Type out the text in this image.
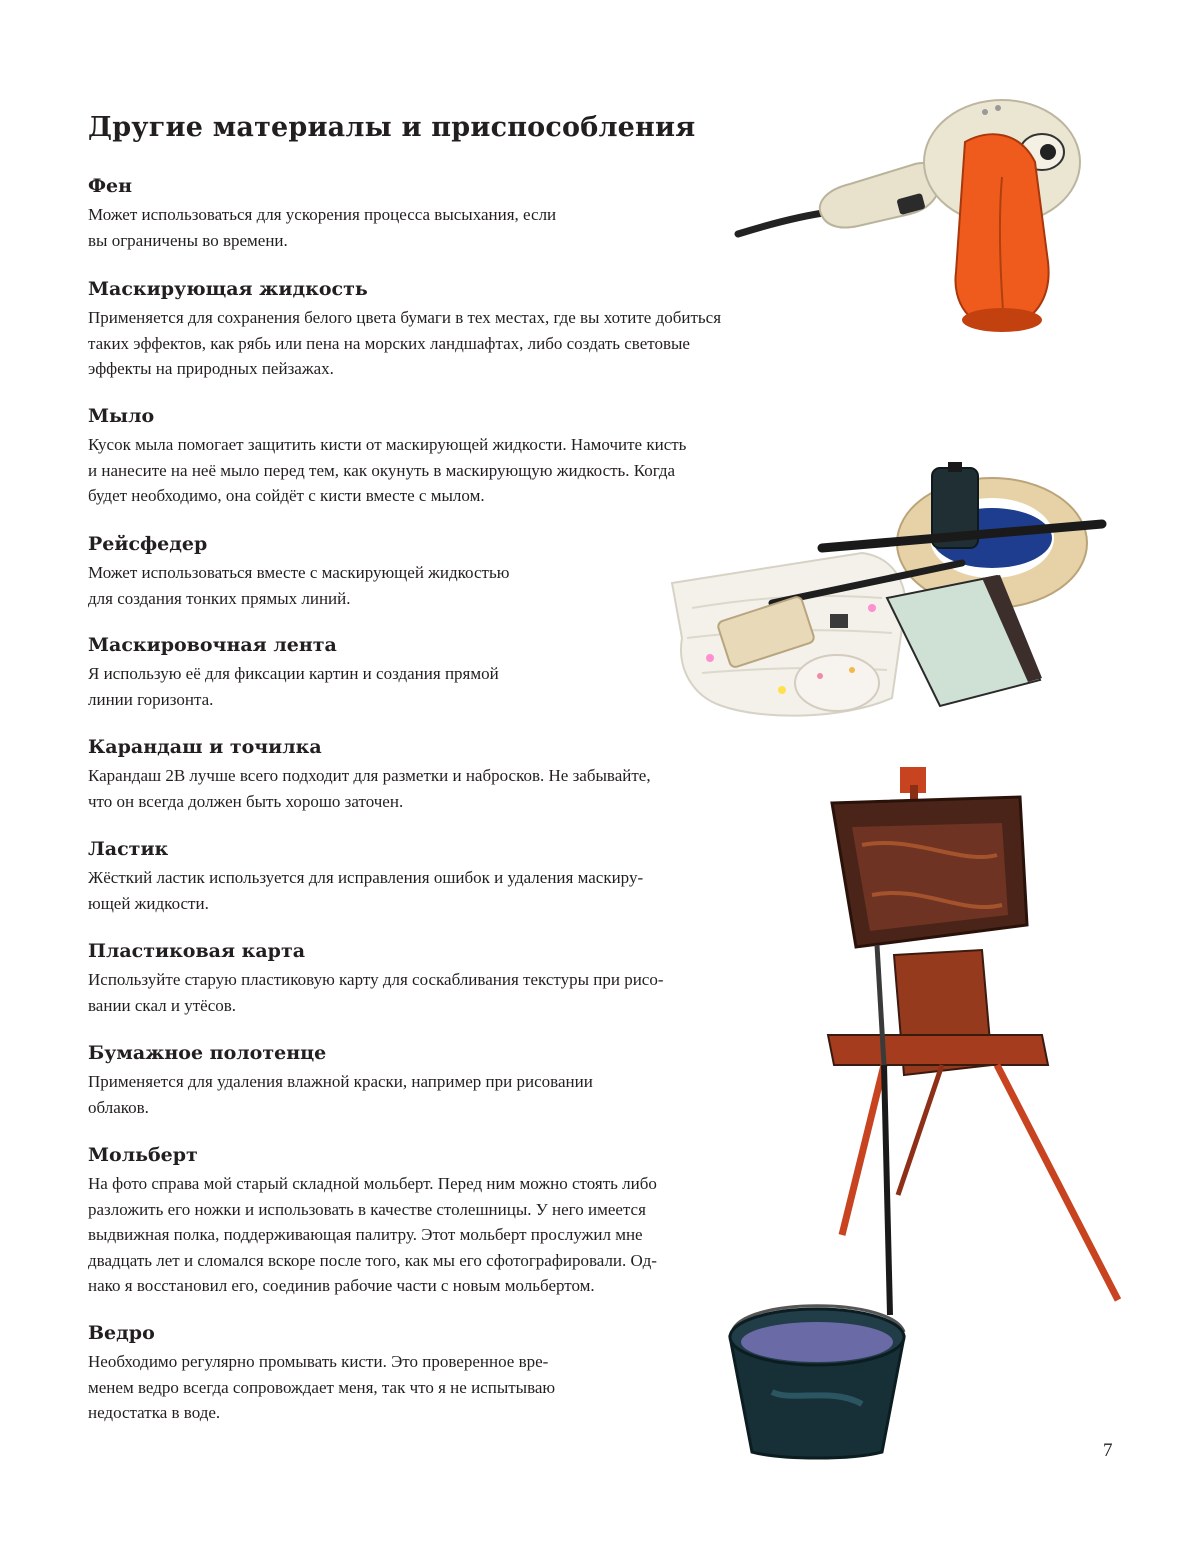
Другие материалы и приспособления
Фен

Может использоваться для ускорения процесса высыхания, если
вы ограничены во времени.

Маскирующая жидкость

Применяется для сохранения белого цвета бумаги в тех местах, где вы хотите добиться
таких эффектов, как рябь или пена на морских ландшафтах, либо создать световые
эффекты на природных пейзажах.

Мыло

Кусок мыла помогает защитить кисти от маскирующей жидкости. Намочите кисть
и нанесите на неё мыло перед тем, как окунуть в маскирующую жидкость. Когда
будет необходимо, она сойдёт с кисти вместе с мылом.

Рейсфедер

Может использоваться вместе с маскирующей жидкостью
для создания тонких прямых линий.

Маскировочная лента

Я использую её для фиксации картин и создания прямой
линии горизонта.

Карандаш и точилка

Карандаш 2B лучше всего подходит для разметки и набросков. Не забывайте,
что он всегда должен быть хорошо заточен.

Ластик

Жёсткий ластик используется для исправления ошибок и удаления маскиру-
ющей жидкости.

Пластиковая карта

Используйте старую пластиковую карту для соскабливания текстуры при рисо-
вании скал и утёсов.

Бумажное полотенце

Применяется для удаления влажной краски, например при рисовании
облаков.

Мольберт

На фото справа мой старый складной мольберт. Перед ним можно стоять либо
разложить его ножки и использовать в качестве столешницы. У него имеется
выдвижная полка, поддерживающая палитру. Этот мольберт прослужил мне
двадцать лет и сломался вскоре после того, как мы его сфотографировали. Од-
нако я восстановил его, соединив рабочие части с новым мольбертом.

Ведро

Необходимо регулярно промывать кисти. Это проверенное вре-
менем ведро всегда сопровождает меня, так что я не испытываю
недостатка в воде.

7
